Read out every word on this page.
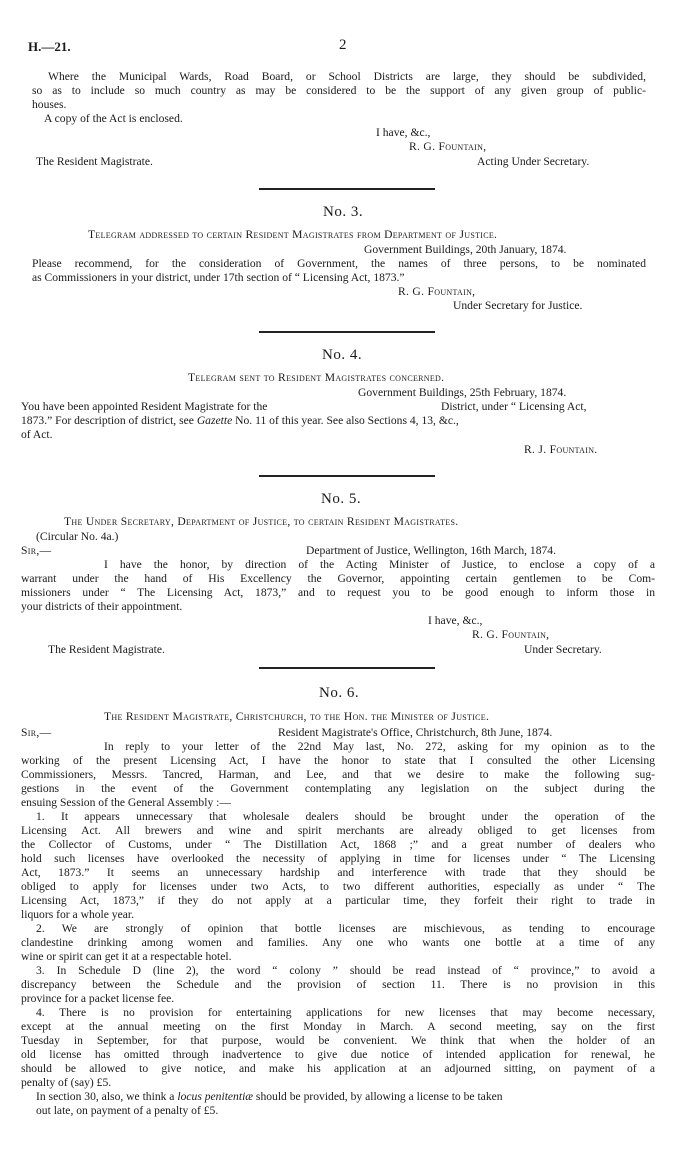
H.—21.	2
Where the Municipal Wards, Road Board, or School Districts are large, they should be subdivided,
so as to include so much country as may be considered to be the support of any given group of public-
houses.
A copy of the Act is enclosed.
I have, &c.,
R. G. Fountain,
The Resident Magistrate.	Acting Under Secretary.
No. 3.
Telegram addressed to certain Resident Magistrates from Department of Justice.
Government Buildings, 20th January, 1874.
Please recommend, for the consideration of Government, the names of three persons, to be nominated
as Commissioners in your district, under 17th section of “ Licensing Act, 1873.”
R. G. Fountain,
Under Secretary for Justice.
No. 4.
Telegram sent to Resident Magistrates concerned.
Government Buildings, 25th February, 1874.
You have been appointed Resident Magistrate for the	District, under “ Licensing Act,
1873.” For description of district, see Gazette No. 11 of this year. See also Sections 4, 13, &c.,
of Act.
R. J. Fountain.
No. 5.
The Under Secretary, Department of Justice, to certain Resident Magistrates.
(Circular No. 4a.)
Sir,—	Department of Justice, Wellington, 16th March, 1874.
I have the honor, by direction of the Acting Minister of Justice, to enclose a copy of a
warrant under the hand of His Excellency the Governor, appointing certain gentlemen to be Com-
missioners under “ The Licensing Act, 1873,” and to request you to be good enough to inform those in
your districts of their appointment.
I have, &c.,
R. G. Fountain,
The Resident Magistrate.	Under Secretary.
No. 6.
The Resident Magistrate, Christchurch, to the Hon. the Minister of Justice.
Sir,—	Resident Magistrate's Office, Christchurch, 8th June, 1874.
In reply to your letter of the 22nd May last, No. 272, asking for my opinion as to the
working of the present Licensing Act, I have the honor to state that I consulted the other Licensing
Commissioners, Messrs. Tancred, Harman, and Lee, and that we desire to make the following sug-
gestions in the event of the Government contemplating any legislation on the subject during the
ensuing Session of the General Assembly :—
1. It appears unnecessary that wholesale dealers should be brought under the operation of the
Licensing Act. All brewers and wine and spirit merchants are already obliged to get licenses from
the Collector of Customs, under “ The Distillation Act, 1868 ;” and a great number of dealers who
hold such licenses have overlooked the necessity of applying in time for licenses under “ The Licensing
Act, 1873.” It seems an unnecessary hardship and interference with trade that they should be
obliged to apply for licenses under two Acts, to two different authorities, especially as under “ The
Licensing Act, 1873,” if they do not apply at a particular time, they forfeit their right to trade in
liquors for a whole year.
2. We are strongly of opinion that bottle licenses are mischievous, as tending to encourage
clandestine drinking among women and families. Any one who wants one bottle at a time of any
wine or spirit can get it at a respectable hotel.
3. In Schedule D (line 2), the word “ colony ” should be read instead of “ province,” to avoid a
discrepancy between the Schedule and the provision of section 11. There is no provision in this
province for a packet license fee.
4. There is no provision for entertaining applications for new licenses that may become necessary,
except at the annual meeting on the first Monday in March. A second meeting, say on the first
Tuesday in September, for that purpose, would be convenient. We think that when the holder of an
old license has omitted through inadvertence to give due notice of intended application for renewal, he
should be allowed to give notice, and make his application at an adjourned sitting, on payment of a
penalty of (say) £5.
In section 30, also, we think a locus penitentiæ should be provided, by allowing a license to be taken
out late, on payment of a penalty of £5.
